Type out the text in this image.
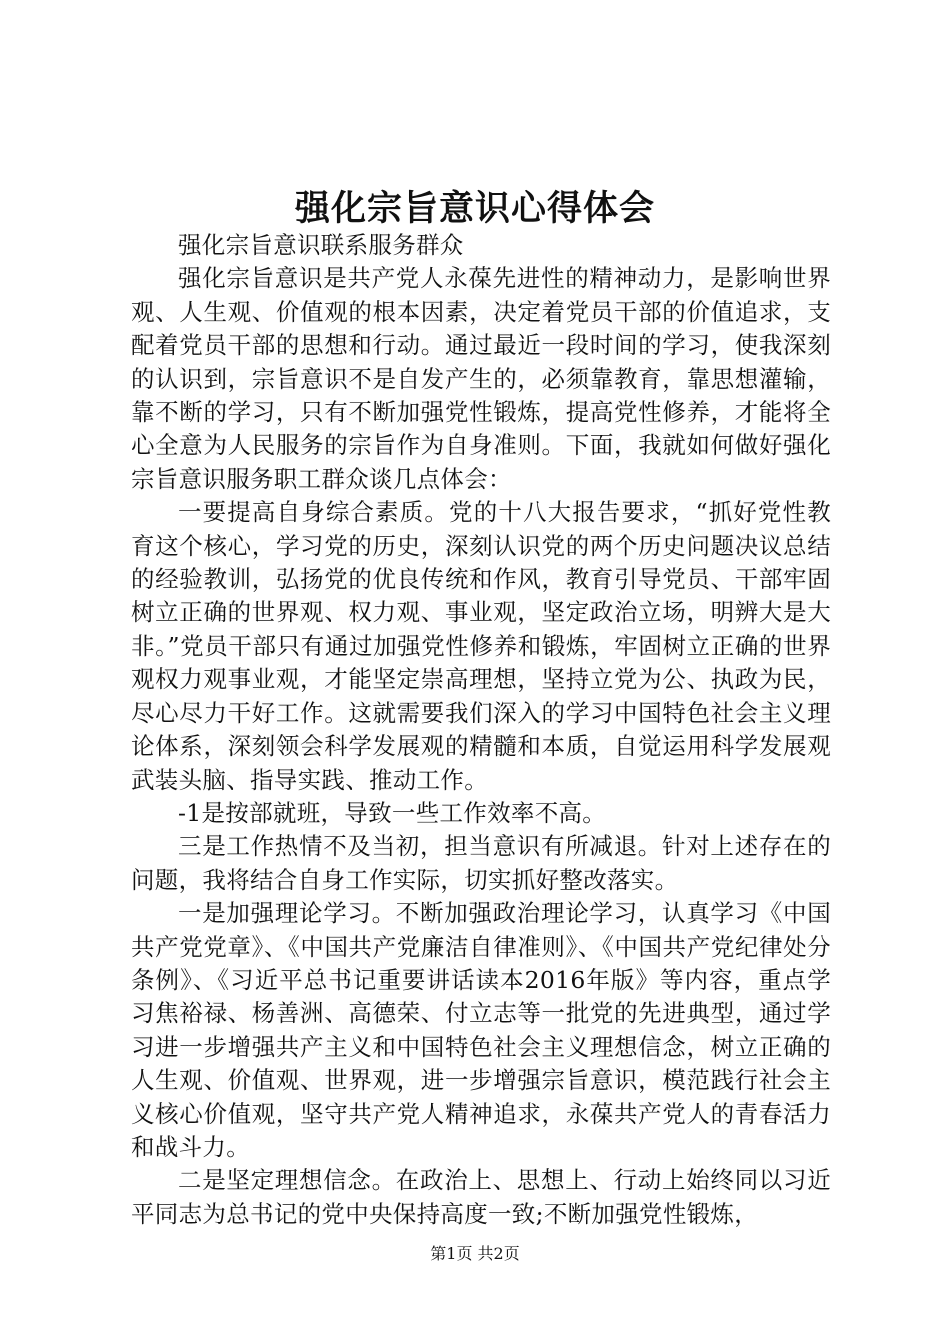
强化宗旨意识心得体会

强化宗旨意识联系服务群众

强化宗旨意识是共产党人永葆先进性的精神动力，是影响世界观、人生观、价值观的根本因素，决定着党员干部的价值追求，支配着党员干部的思想和行动。通过最近一段时间的学习，使我深刻的认识到，宗旨意识不是自发产生的，必须靠教育，靠思想灌输，靠不断的学习，只有不断加强党性锻炼，提高党性修养，才能将全心全意为人民服务的宗旨作为自身准则。下面，我就如何做好强化宗旨意识服务职工群众谈几点体会：

一要提高自身综合素质。党的十八大报告要求，“抓好党性教育这个核心，学习党的历史，深刻认识党的两个历史问题决议总结的经验教训，弘扬党的优良传统和作风，教育引导党员、干部牢固树立正确的世界观、权力观、事业观，坚定政治立场，明辨大是大非。”党员干部只有通过加强党性修养和锻炼，牢固树立正确的世界观权力观事业观，才能坚定崇高理想，坚持立党为公、执政为民，尽心尽力干好工作。这就需要我们深入的学习中国特色社会主义理论体系，深刻领会科学发展观的精髓和本质，自觉运用科学发展观武装头脑、指导实践、推动工作。

-1是按部就班，导致一些工作效率不高。

三是工作热情不及当初，担当意识有所减退。针对上述存在的问题，我将结合自身工作实际，切实抓好整改落实。

一是加强理论学习。不断加强政治理论学习，认真学习《中国共产党党章》、《中国共产党廉洁自律准则》、《中国共产党纪律处分条例》、《习近平总书记重要讲话读本2016年版》等内容，重点学习焦裕禄、杨善洲、高德荣、付立志等一批党的先进典型，通过学习进一步增强共产主义和中国特色社会主义理想信念，树立正确的人生观、价值观、世界观，进一步增强宗旨意识，模范践行社会主义核心价值观，坚守共产党人精神追求，永葆共产党人的青春活力和战斗力。

二是坚定理想信念。在政治上、思想上、行动上始终同以习近平同志为总书记的党中央保持高度一致;不断加强党性锻炼，

第1页 共2页
